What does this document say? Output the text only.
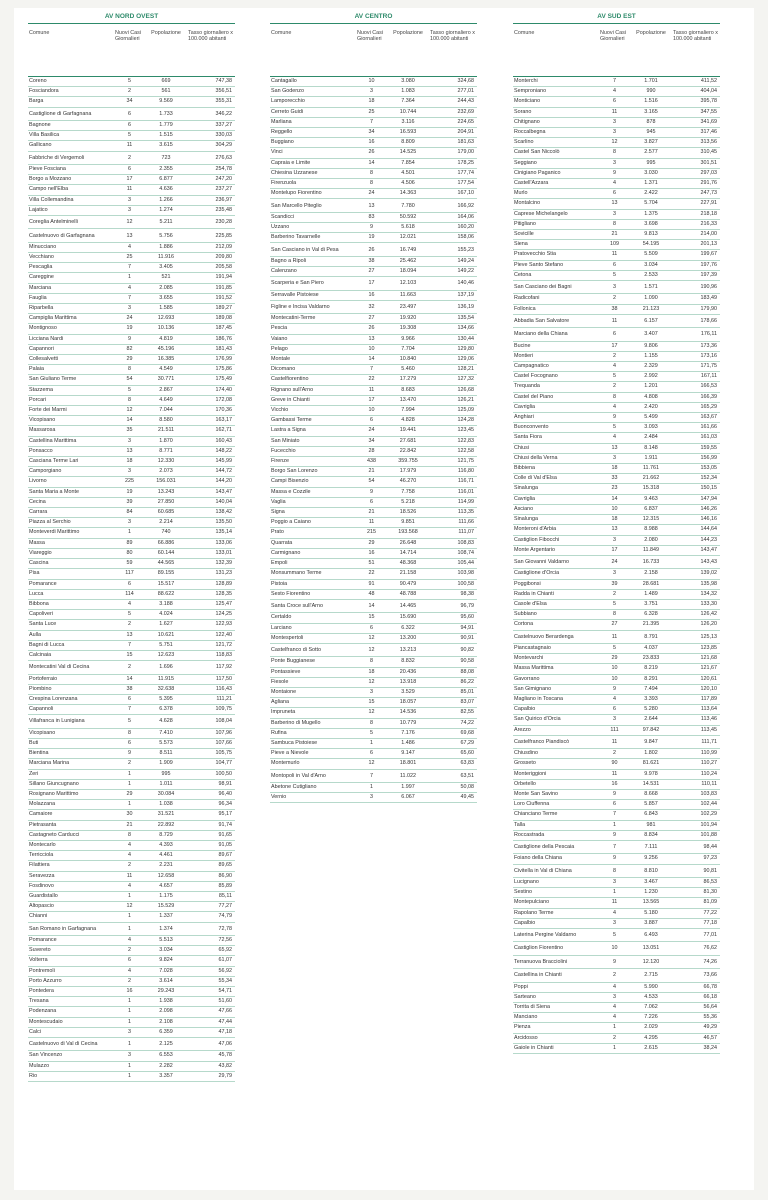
AV NORD OVEST
Comune	Nuovi Casi Giornalieri	Popolazione	Tasso giornaliero x 100.000 abitanti
Coreno	5	669	747,38
Fosciandora	2	561	356,51
Barga	34	9.569	355,31
Castiglione di Garfagnana	6	1.733	346,22
Bagnone	6	1.779	337,27
Villa Basilica	5	1.515	330,03
Gallicano	11	3.615	304,29
Fabbriche di Vergemoli	2	723	276,63
Pieve Fosciana	6	2.355	254,78
Borgo a Mozzano	17	6.877	247,20
Campo nell'Elba	11	4.636	237,27
Villa Collemandina	3	1.266	236,97
Lajatico	3	1.274	235,48
Coreglia Antelminelli	12	5.211	230,28
Castelnuovo di Garfagnana	13	5.756	225,85
Minucciano	4	1.886	212,09
Vecchiano	25	11.916	209,80
Pescaglia	7	3.405	205,58
Careggine	1	521	191,94
Marciana	4	2.085	191,85
Fauglia	7	3.655	191,52
Riparbella	3	1.585	189,27
Campiglia Marittima	24	12.693	189,08
Montignoso	19	10.136	187,45
Licciana Nardi	9	4.819	186,76
Capannori	82	45.196	181,43
Collesalvetti	29	16.385	176,99
Palaia	8	4.549	175,86
San Giuliano Terme	54	30.771	175,49
Stazzema	5	2.867	174,40
Porcari	8	4.649	172,08
Forte dei Marmi	12	7.044	170,36
Vicopisano	14	8.580	163,17
Massarosa	35	21.511	162,71
Castellina Marittima	3	1.870	160,43
Ponsacco	13	8.771	148,22
Casciana Terme Lari	18	12.330	145,99
Camporgiano	3	2.073	144,72
Livorno	225	156.031	144,20
Santa Maria a Monte	19	13.243	143,47
Cecina	39	27.850	140,04
Carrara	84	60.685	138,42
Piazza al Serchio	3	2.214	135,50
Monteverdi Marittimo	1	740	135,14
Massa	89	66.886	133,06
Viareggio	80	60.144	133,01
Cascina	59	44.565	132,39
Pisa	117	89.155	131,23
Pomarance	6	15.517	128,89
Lucca	114	88.622	128,35
Bibbona	4	3.188	125,47
Capoliveri	5	4.024	124,25
Santa Luce	2	1.627	122,93
Aulla	13	10.621	122,40
Bagni di Lucca	7	5.751	121,72
Calcinaia	15	12.623	118,83
Montecatini Val di Cecina	2	1.696	117,92
Portoferraio	14	11.915	117,50
Piombino	38	32.638	116,43
Crespina Lorenzana	6	5.395	111,21
Capannoli	7	6.378	109,75
Villafranca in Lunigiana	5	4.628	108,04
Vicopisano	8	7.410	107,96
Buti	6	5.573	107,66
Bientina	9	8.511	105,75
Marciana Marina	2	1.909	104,77
Zeri	1	995	100,50
Sillano Giuncugnano	1	1.011	98,91
Rosignano Marittimo	29	30.084	96,40
Molazzana	1	1.038	96,34
Camaiore	30	31.521	95,17
Pietrasanta	21	22.892	91,74
Castagneto Carducci	8	8.729	91,65
Montecarlo	4	4.393	91,05
Terricciola	4	4.461	89,67
Filattiera	2	2.231	89,65
Seravezza	11	12.658	86,90
Fosdinovo	4	4.657	85,89
Guardistallo	1	1.175	85,11
Altopascio	12	15.529	77,27
Chianni	1	1.337	74,79
San Romano in Garfagnana	1	1.374	72,78
Pomarance	4	5.513	72,56
Suvereto	2	3.034	65,92
Volterra	6	9.824	61,07
Pontremoli	4	7.028	56,92
Porto Azzurro	2	3.614	55,34
Pontedera	16	29.243	54,71
Tresana	1	1.938	51,60
Podenzana	1	2.098	47,66
Montescudaio	1	2.108	47,44
Calci	3	6.359	47,18
Castelnuovo di Val di Cecina	1	2.125	47,06
San Vincenzo	3	6.553	45,78
Mulazzo	1	2.282	43,82
Rio	1	3.357	29,79
AV CENTRO
Comune	Nuovi Casi Giornalieri	Popolazione	Tasso giornaliero x 100.000 abitanti
Cantagallo	10	3.080	324,68
San Godenzo	3	1.083	277,01
Lamporecchio	18	7.364	244,43
Cerreto Guidi	25	10.744	232,69
Marliana	7	3.116	224,65
Reggello	34	16.593	204,91
Buggiano	16	8.809	181,63
Vinci	26	14.525	179,00
Capraia e Limite	14	7.854	178,25
Chiesina Uzzanese	8	4.501	177,74
Firenzuola	8	4.506	177,54
Montelupo Fiorentino	24	14.363	167,10
San Marcello Piteglio	13	7.780	166,92
Scandicci	83	50.592	164,06
Uzzano	9	5.618	160,20
Barberino Tavarnelle	19	12.021	158,06
San Casciano in Val di Pesa	26	16.749	155,23
Bagno a Ripoli	38	25.462	149,24
Calenzano	27	18.094	149,22
Scarperia e San Piero	17	12.103	140,46
Serravalle Pistoiese	16	11.663	137,19
Figline e Incisa Valdarno	32	23.497	136,19
Montecatini-Terme	27	19.920	135,54
Pescia	26	19.308	134,66
Vaiano	13	9.966	130,44
Pelago	10	7.704	129,80
Montale	14	10.840	129,06
Dicomano	7	5.460	128,21
Castelfiorentino	22	17.279	127,32
Rignano sull'Arno	11	8.683	126,68
Greve in Chianti	17	13.470	126,21
Vicchio	10	7.994	125,09
Gambassi Terme	6	4.828	124,28
Lastra a Signa	24	19.441	123,45
San Miniato	34	27.681	122,83
Fucecchio	28	22.842	122,58
Firenze	438	359.755	121,75
Borgo San Lorenzo	21	17.979	116,80
Campi Bisenzio	54	46.270	116,71
Massa e Cozzile	9	7.758	116,01
Vaglia	6	5.218	114,99
Signa	21	18.526	113,35
Poggio a Caiano	11	9.851	111,66
Prato	215	193.568	111,07
Quarrata	29	26.648	108,83
Carmignano	16	14.714	108,74
Empoli	51	48.368	105,44
Monsummano Terme	22	21.158	103,98
Pistoia	91	90.479	100,58
Sesto Fiorentino	48	48.788	98,38
Santa Croce sull'Arno	14	14.465	96,79
Certaldo	15	15.690	95,60
Larciano	6	6.322	94,91
Montespertoli	12	13.200	90,91
Castelfranco di Sotto	12	13.213	90,82
Ponte Buggianese	8	8.832	90,58
Pontassieve	18	20.436	88,08
Fiesole	12	13.918	86,22
Montaione	3	3.529	85,01
Agliana	15	18.057	83,07
Impruneta	12	14.536	82,55
Barberino di Mugello	8	10.779	74,22
Rufina	5	7.176	69,68
Sambuca Pistoiese	1	1.486	67,29
Pieve a Nievole	6	9.147	65,60
Montemurlo	12	18.801	63,83
Montopoli in Val d'Arno	7	11.022	63,51
Abetone Cutigliano	1	1.997	50,08
Vernio	3	6.067	49,45
AV SUD EST
Comune	Nuovi Casi Giornalieri	Popolazione	Tasso giornaliero x 100.000 abitanti
Monterchi	7	1.701	411,52
Semproniano	4	990	404,04
Monticiano	6	1.516	395,78
Sorano	11	3.165	347,55
Chitignano	3	878	341,69
Roccalbegna	3	945	317,46
Scarlino	12	3.827	313,56
Castel San Niccolò	8	2.577	310,45
Seggiano	3	995	301,51
Cinigiano Paganico	9	3.030	297,03
Castell'Azzara	4	1.371	291,76
Murlo	6	2.422	247,73
Montalcino	13	5.704	227,91
Caprese Michelangelo	3	1.375	218,18
Pitigliano	8	3.698	216,33
Sovicille	21	9.813	214,00
Siena	109	54.195	201,13
Pratovecchio Stia	11	5.509	199,67
Pieve Santo Stefano	6	3.034	197,76
Cetona	5	2.533	197,39
San Casciano dei Bagni	3	1.571	190,96
Radicofani	2	1.090	183,49
Follonica	38	21.123	179,90
Abbadia San Salvatore	11	6.157	178,66
Marciano della Chiana	6	3.407	176,11
Bucine	17	9.806	173,36
Montieri	2	1.155	173,16
Campagnatico	4	2.329	171,75
Castel Focognano	5	2.992	167,11
Trequanda	2	1.201	166,53
Castel del Piano	8	4.808	166,39
Cavriglia	4	2.420	165,29
Anghiari	9	5.499	163,67
Buonconvento	5	3.093	161,66
Santa Fiora	4	2.484	161,03
Chiusi	13	8.148	159,55
Chiusi della Verna	3	1.911	156,99
Bibbiena	18	11.761	153,05
Colle di Val d'Elsa	33	21.662	152,34
Sinalunga	23	15.318	150,15
Cavriglia	14	9.463	147,94
Asciano	10	6.837	146,26
Sinalunga	18	12.315	146,16
Monteroni d'Arbia	13	8.988	144,64
Castiglion Fibocchi	3	2.080	144,23
Monte Argentario	17	11.849	143,47
San Giovanni Valdarno	24	16.733	143,43
Castiglione d'Orcia	3	2.158	139,02
Poggibonsi	39	28.681	135,98
Radda in Chianti	2	1.489	134,32
Casole d'Elsa	5	3.751	133,30
Subbiano	8	6.328	126,42
Cortona	27	21.395	126,20
Castelnuovo Berardenga	11	8.791	125,13
Piancastagnaio	5	4.037	123,85
Montevarchi	29	23.833	121,68
Massa Marittima	10	8.219	121,67
Gavorrano	10	8.291	120,61
San Gimignano	9	7.494	120,10
Magliano in Toscana	4	3.393	117,89
Capalbio	6	5.280	113,64
San Quirico d'Orcia	3	2.644	113,46
Arezzo	111	97.842	113,45
Castelfranco Piandiscò	11	9.847	111,71
Chiusdino	2	1.802	110,99
Grosseto	90	81.621	110,27
Monteriggioni	11	9.978	110,24
Orbetello	16	14.531	110,11
Monte San Savino	9	8.668	103,83
Loro Ciuffenna	6	5.857	102,44
Chianciano Terme	7	6.843	102,29
Talla	1	981	101,94
Roccastrada	9	8.834	101,88
Castiglione della Pescaia	7	7.111	98,44
Foiano della Chiana	9	9.256	97,23
Civitella in Val di Chiana	8	8.810	90,81
Lucignano	3	3.467	86,53
Sestino	1	1.230	81,30
Montepulciano	11	13.565	81,09
Rapolano Terme	4	5.180	77,22
Capalbio	3	3.887	77,18
Laterina Pergine Valdarno	5	6.493	77,01
Castiglion Fiorentino	10	13.051	76,62
Terranuova Bracciolini	9	12.120	74,26
Castellina in Chianti	2	2.715	73,66
Poppi	4	5.990	66,78
Sarteano	3	4.533	66,18
Torrita di Siena	4	7.062	56,64
Manciano	4	7.226	55,36
Pienza	1	2.029	49,29
Arcidosso	2	4.295	46,57
Gaiole in Chianti	1	2.615	38,24
